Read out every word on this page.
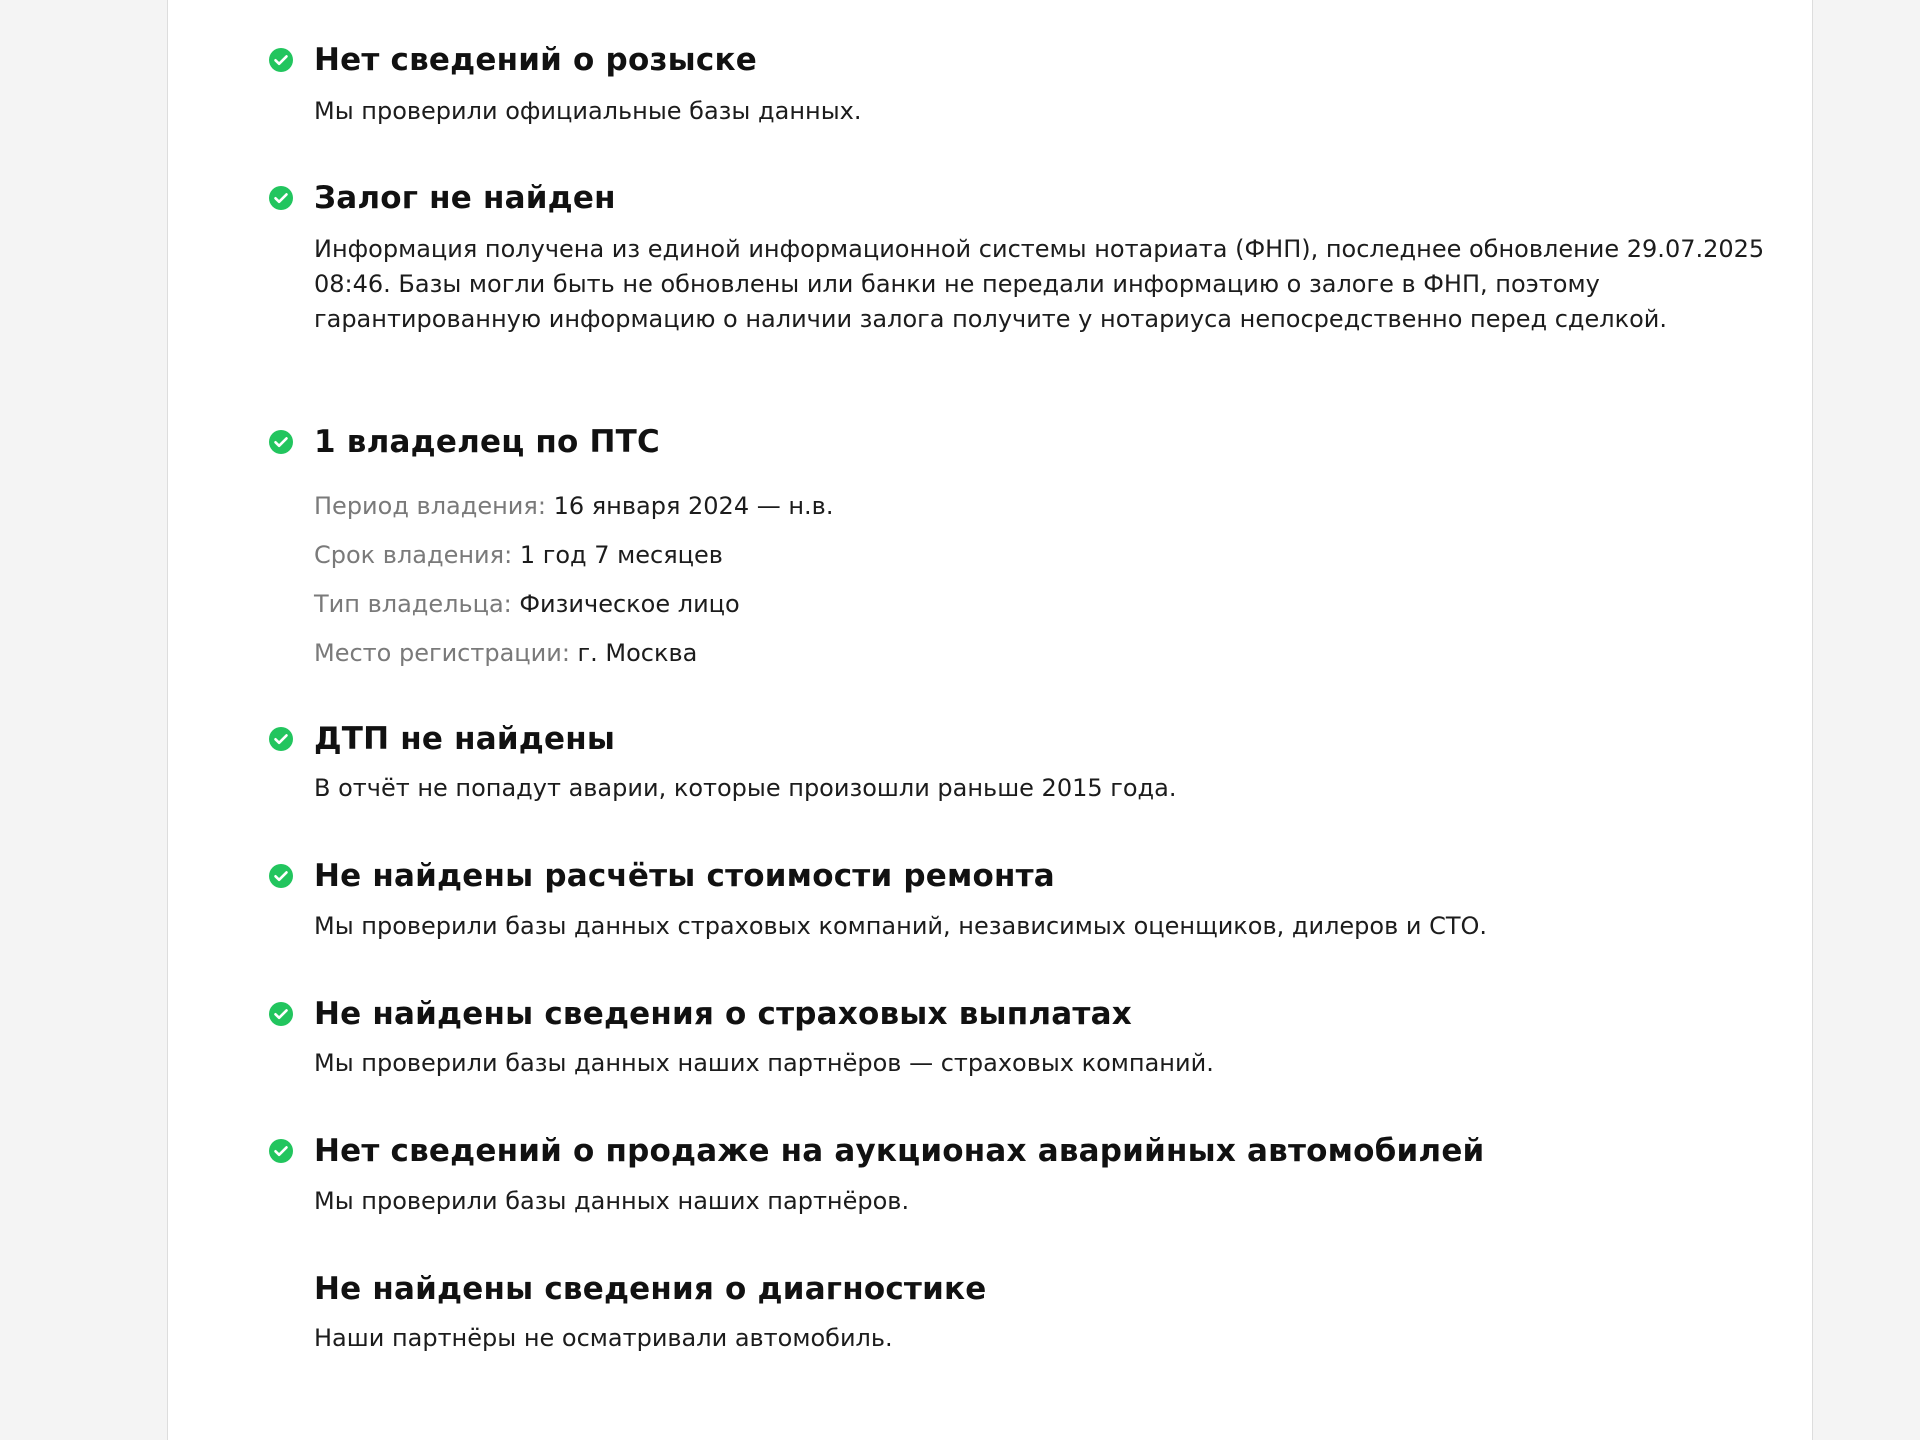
Нет сведений о розыске

Мы проверили официальные базы данных.

Залог не найден

Информация получена из единой информационной системы нотариата (ФНП), последнее обновление 29.07.2025 08:46. Базы могли быть не обновлены или банки не передали информацию о залоге в ФНП, поэтому гарантированную информацию о наличии залога получите у нотариуса непосредственно перед сделкой.

1 владелец по ПТС

Период владения: 16 января 2024 — н.в.

Срок владения: 1 год 7 месяцев

Тип владельца: Физическое лицо

Место регистрации: г. Москва

ДТП не найдены

В отчёт не попадут аварии, которые произошли раньше 2015 года.

Не найдены расчёты стоимости ремонта

Мы проверили базы данных страховых компаний, независимых оценщиков, дилеров и СТО.

Не найдены сведения о страховых выплатах

Мы проверили базы данных наших партнёров — страховых компаний.

Нет сведений о продаже на аукционах аварийных автомобилей

Мы проверили базы данных наших партнёров.

Не найдены сведения о диагностике

Наши партнёры не осматривали автомобиль.
